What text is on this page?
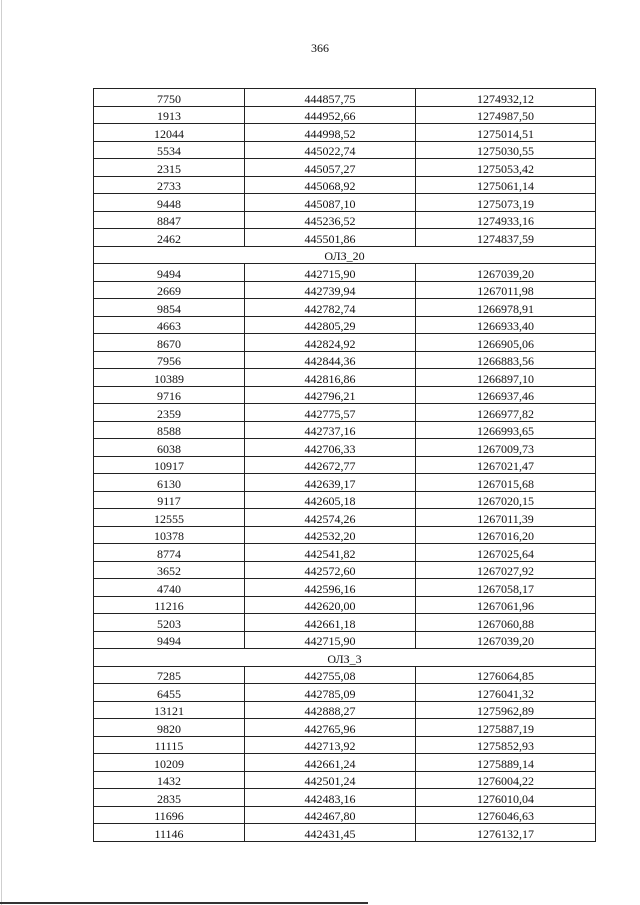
366
7750	444857,75	1274932,12
1913	444952,66	1274987,50
12044	444998,52	1275014,51
5534	445022,74	1275030,55
2315	445057,27	1275053,42
2733	445068,92	1275061,14
9448	445087,10	1275073,19
8847	445236,52	1274933,16
2462	445501,86	1274837,59
ОЛЗ_20		
9494	442715,90	1267039,20
2669	442739,94	1267011,98
9854	442782,74	1266978,91
4663	442805,29	1266933,40
8670	442824,92	1266905,06
7956	442844,36	1266883,56
10389	442816,86	1266897,10
9716	442796,21	1266937,46
2359	442775,57	1266977,82
8588	442737,16	1266993,65
6038	442706,33	1267009,73
10917	442672,77	1267021,47
6130	442639,17	1267015,68
9117	442605,18	1267020,15
12555	442574,26	1267011,39
10378	442532,20	1267016,20
8774	442541,82	1267025,64
3652	442572,60	1267027,92
4740	442596,16	1267058,17
11216	442620,00	1267061,96
5203	442661,18	1267060,88
9494	442715,90	1267039,20
ОЛЗ_3		
7285	442755,08	1276064,85
6455	442785,09	1276041,32
13121	442888,27	1275962,89
9820	442765,96	1275887,19
11115	442713,92	1275852,93
10209	442661,24	1275889,14
1432	442501,24	1276004,22
2835	442483,16	1276010,04
11696	442467,80	1276046,63
11146	442431,45	1276132,17
